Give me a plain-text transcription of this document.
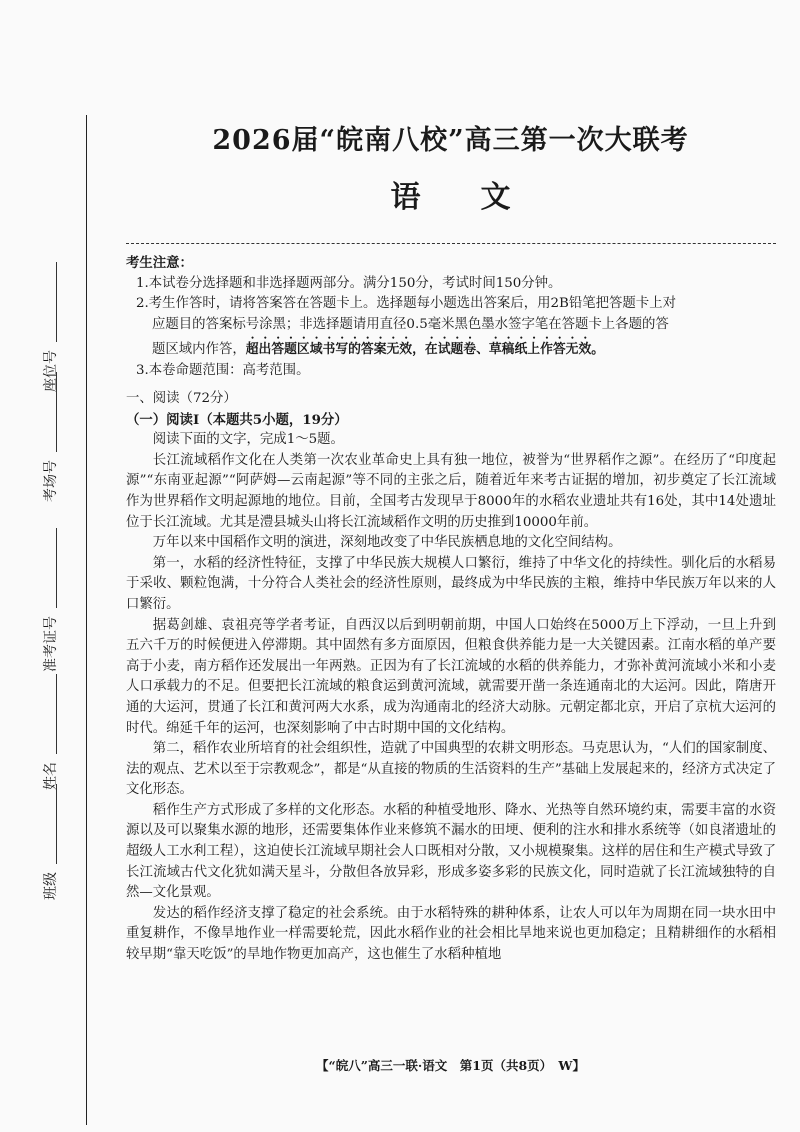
座位号
考场号
准考证号
姓名
班级
2026届“皖南八校”高三第一次大联考
语文

考生注意：

1.本试卷分选择题和非选择题两部分。满分150分，考试时间150分钟。

2.考生作答时，请将答案答在答题卡上。选择题每小题选出答案后，用2B铅笔把答题卡上对

应题目的答案标号涂黑；非选择题请用直径0.5毫米黑色墨水签字笔在答题卡上各题的答

题区域内作答，超出答题区域书写的答案无效，在试题卷、草稿纸上作答无效。

3.本卷命题范围：高考范围。

一、阅读（72分）

（一）阅读Ⅰ（本题共5小题，19分）

阅读下面的文字，完成1～5题。

长江流域稻作文化在人类第一次农业革命史上具有独一地位，被誉为“世界稻作之源”。在经历了“印度起源”“东南亚起源”“阿萨姆—云南起源”等不同的主张之后，随着近年来考古证据的增加，初步奠定了长江流域作为世界稻作文明起源地的地位。目前，全国考古发现早于8000年的水稻农业遗址共有16处，其中14处遗址位于长江流域。尤其是澧县城头山将长江流域稻作文明的历史推到10000年前。

万年以来中国稻作文明的演进，深刻地改变了中华民族栖息地的文化空间结构。

第一，水稻的经济性特征，支撑了中华民族大规模人口繁衍，维持了中华文化的持续性。驯化后的水稻易于采收、颗粒饱满，十分符合人类社会的经济性原则，最终成为中华民族的主粮，维持中华民族万年以来的人口繁衍。

据葛剑雄、袁祖亮等学者考证，自西汉以后到明朝前期，中国人口始终在5000万上下浮动，一旦上升到五六千万的时候便进入停滞期。其中固然有多方面原因，但粮食供养能力是一大关键因素。江南水稻的单产要高于小麦，南方稻作还发展出一年两熟。正因为有了长江流域的水稻的供养能力，才弥补黄河流域小米和小麦人口承载力的不足。但要把长江流域的粮食运到黄河流域，就需要开凿一条连通南北的大运河。因此，隋唐开通的大运河，贯通了长江和黄河两大水系，成为沟通南北的经济大动脉。元朝定都北京，开启了京杭大运河的时代。绵延千年的运河，也深刻影响了中古时期中国的文化结构。

第二，稻作农业所培育的社会组织性，造就了中国典型的农耕文明形态。马克思认为，“人们的国家制度、法的观点、艺术以至于宗教观念”，都是“从直接的物质的生活资料的生产”基础上发展起来的，经济方式决定了文化形态。

稻作生产方式形成了多样的文化形态。水稻的种植受地形、降水、光热等自然环境约束，需要丰富的水资源以及可以聚集水源的地形，还需要集体作业来修筑不漏水的田埂、便利的注水和排水系统等（如良渚遗址的超级人工水利工程），这迫使长江流域早期社会人口既相对分散，又小规模聚集。这样的居住和生产模式导致了长江流域古代文化犹如满天星斗，分散但各放异彩，形成多姿多彩的民族文化，同时造就了长江流域独特的自然—文化景观。

发达的稻作经济支撑了稳定的社会系统。由于水稻特殊的耕种体系，让农人可以年为周期在同一块水田中重复耕作，不像旱地作业一样需要轮荒，因此水稻作业的社会相比旱地来说也更加稳定；且精耕细作的水稻相较早期“靠天吃饭”的旱地作物更加高产，这也催生了水稻种植地

【“皖八”高三一联·语文　第1页（共8页）　W】
